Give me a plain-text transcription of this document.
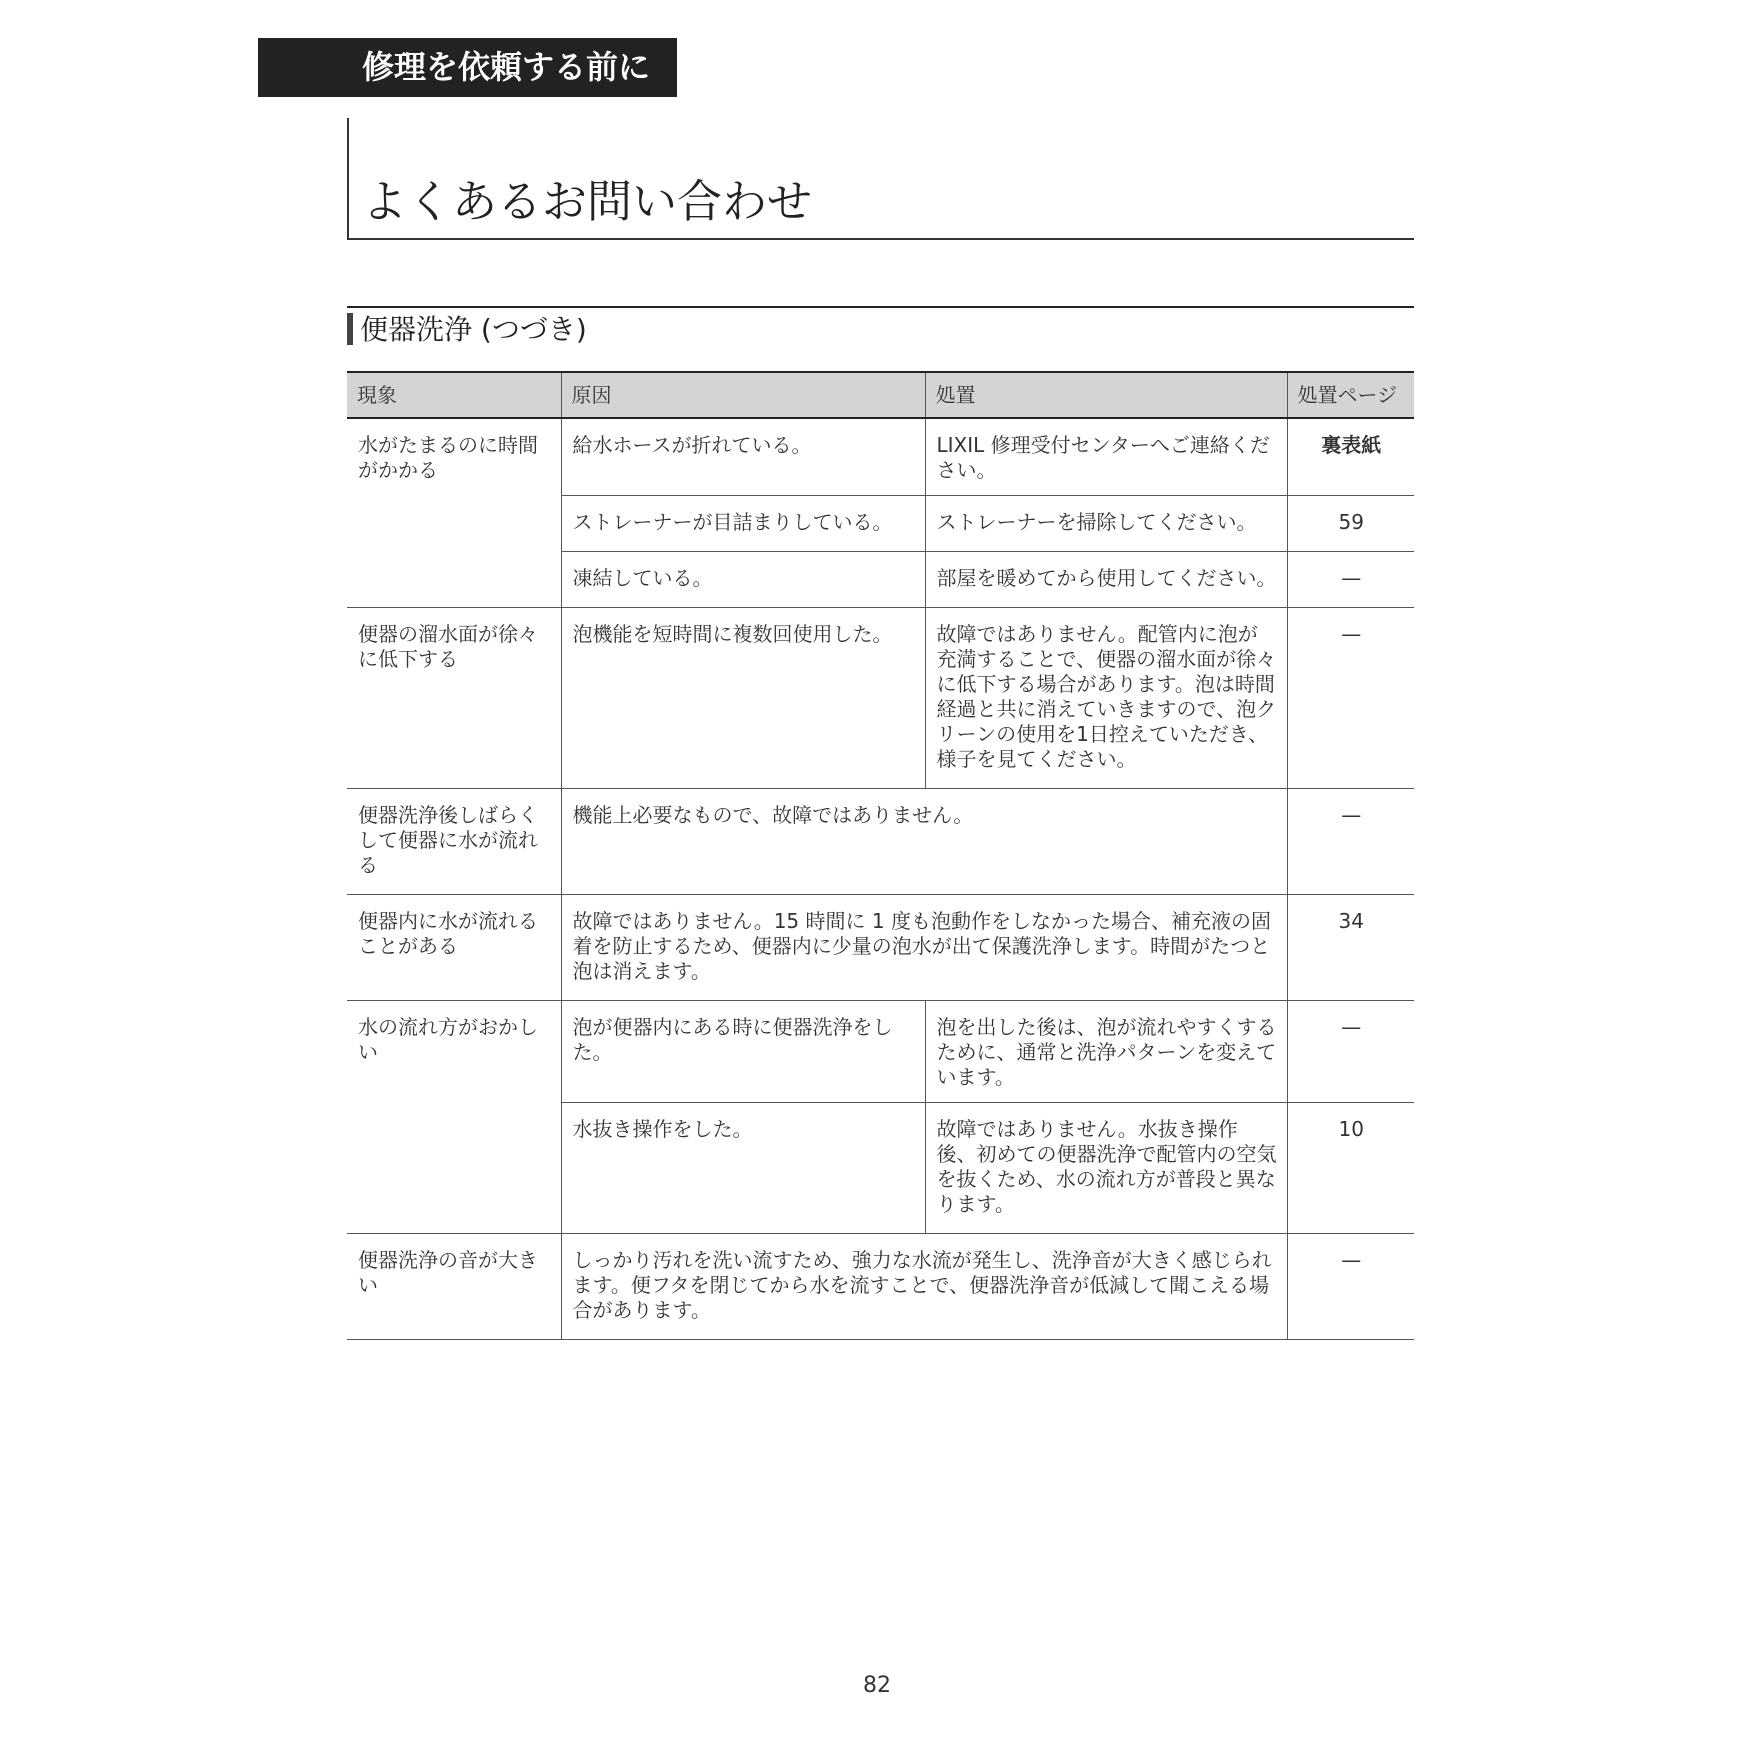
修理を依頼する前に
よくあるお問い合わせ
便器洗浄 (つづき)
現象	原因	処置	処置ページ
水がたまるのに時間がかかる	給水ホースが折れている。	LIXIL 修理受付センターへご連絡ください。	裏表紙
	ストレーナーが目詰まりしている。	ストレーナーを掃除してください。	59
	凍結している。	部屋を暖めてから使用してください。	—
便器の溜水面が徐々に低下する	泡機能を短時間に複数回使用した。	故障ではありません。配管内に泡が充満することで、便器の溜水面が徐々に低下する場合があります。泡は時間経過と共に消えていきますので、泡クリーンの使用を1日控えていただき、様子を見てください。	—
便器洗浄後しばらくして便器に水が流れる	機能上必要なもので、故障ではありません。		—
便器内に水が流れることがある	故障ではありません。15 時間に 1 度も泡動作をしなかった場合、補充液の固着を防止するため、便器内に少量の泡水が出て保護洗浄します。時間がたつと泡は消えます。		34
水の流れ方がおかしい	泡が便器内にある時に便器洗浄をした。	泡を出した後は、泡が流れやすくするために、通常と洗浄パターンを変えています。	—
	水抜き操作をした。	故障ではありません。水抜き操作後、初めての便器洗浄で配管内の空気を抜くため、水の流れ方が普段と異なります。	10
便器洗浄の音が大きい	しっかり汚れを洗い流すため、強力な水流が発生し、洗浄音が大きく感じられます。便フタを閉じてから水を流すことで、便器洗浄音が低減して聞こえる場合があります。		—
82
